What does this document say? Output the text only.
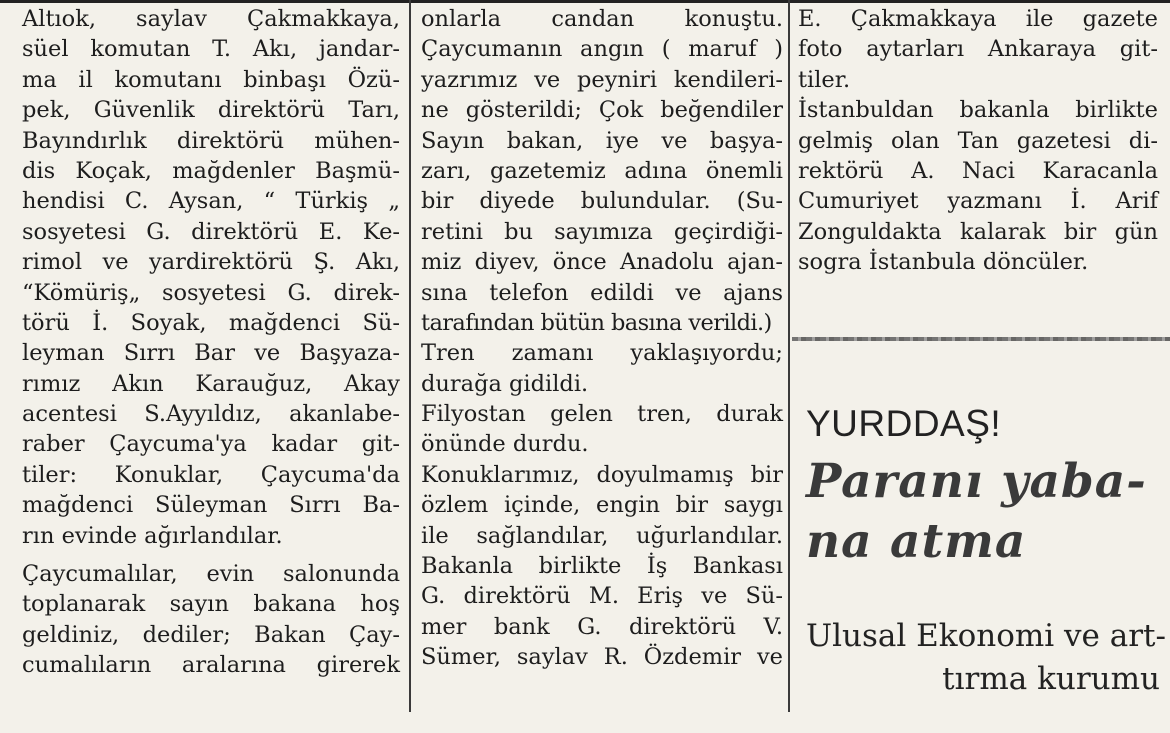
Altıok, saylav Çakmakkaya,
süel komutan T. Akı, jandar-
ma il komutanı binbaşı Özü-
pek, Güvenlik direktörü Tarı,
Bayındırlık direktörü mühen-
dis Koçak, mağdenler Başmü-
hendisi C. Aysan, “ Türkiş „
sosyetesi G. direktörü E. Ke-
rimol ve yardirektörü Ş. Akı,
“Kömüriş„ sosyetesi G. direk-
törü İ. Soyak, mağdenci Sü-
leyman Sırrı Bar ve Başyaza-
rımız Akın Karauğuz, Akay
acentesi S.Ayyıldız, akanlabe-
raber Çaycuma'ya kadar git-
tiler: Konuklar, Çaycuma'da
mağdenci Süleyman Sırrı Ba-
rın evinde ağırlandılar.
Çaycumalılar, evin salonunda
toplanarak sayın bakana hoş
geldiniz, dediler; Bakan Çay-
cumalıların aralarına girerek
onlarla candan konuştu.
Çaycumanın angın ( maruf )
yazrımız ve peyniri kendileri-
ne gösterildi; Çok beğendiler
Sayın bakan, iye ve başya-
zarı, gazetemiz adına önemli
bir diyede bulundular. (Su-
retini bu sayımıza geçirdiği-
miz diyev, önce Anadolu ajan-
sına telefon edildi ve ajans
tarafından bütün basına verildi.)
Tren zamanı yaklaşıyordu;
durağa gidildi.
Filyostan gelen tren, durak
önünde durdu.
Konuklarımız, doyulmamış bir
özlem içinde, engin bir saygı
ile sağlandılar, uğurlandılar.
Bakanla birlikte İş Bankası
G. direktörü M. Eriş ve Sü-
mer bank G. direktörü V.
Sümer, saylav R. Özdemir ve
E. Çakmakkaya ile gazete
foto aytarları Ankaraya git-
tiler.
İstanbuldan bakanla birlikte
gelmiş olan Tan gazetesi di-
rektörü A. Naci Karacanla
Cumuriyet yazmanı İ. Arif
Zonguldakta kalarak bir gün
sogra İstanbula döncüler.
YURDDAŞ!
Paranı yaba-
na atma
Ulusal Ekonomi ve art-
tırma kurumu
